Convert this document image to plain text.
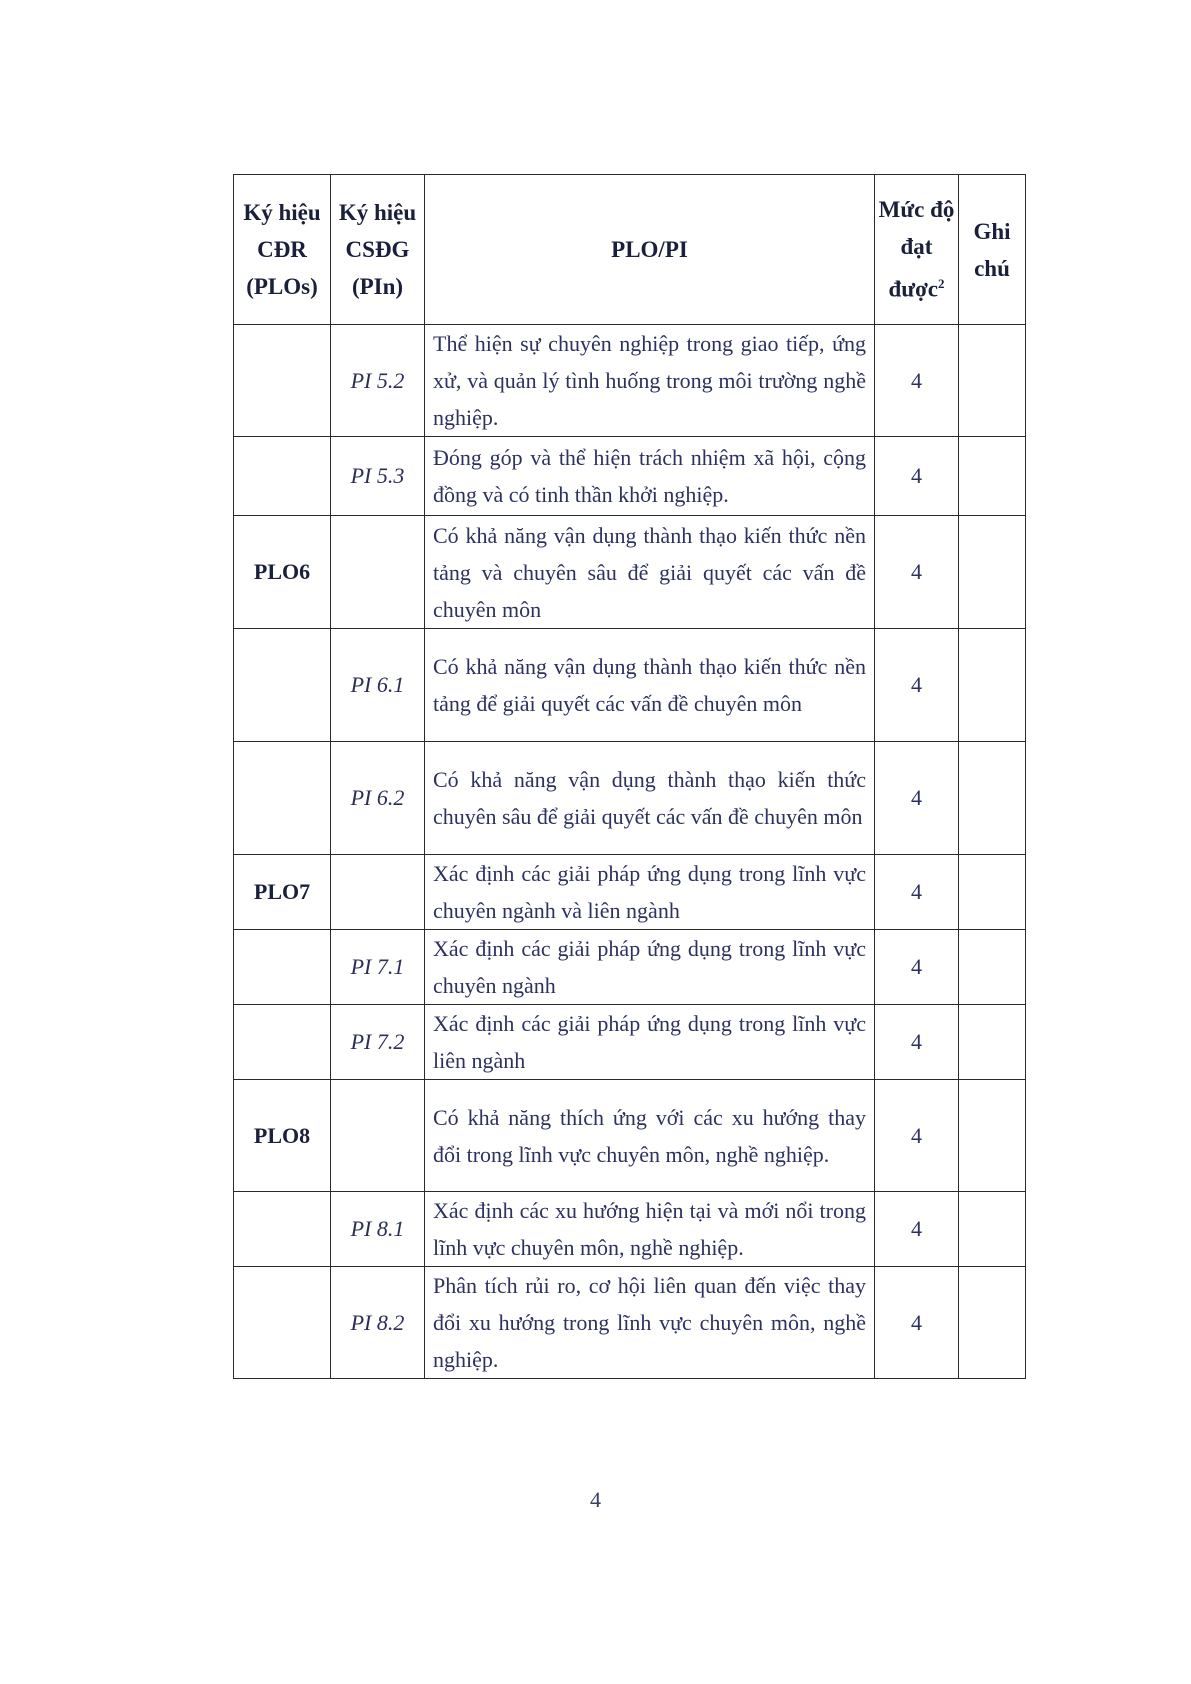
Ký hiệu CĐR (PLOs)	Ký hiệu CSĐG (PIn)	PLO/PI	Mức độ đạt được$^2$	Ghi chú
	PI 5.2	Thể hiện sự chuyên nghiệp trong giao tiếp, ứng xử, và quản lý tình huống trong môi trường nghề nghiệp.	4	
	PI 5.3	Đóng góp và thể hiện trách nhiệm xã hội, cộng đồng và có tinh thần khởi nghiệp.	4	
PLO6		Có khả năng vận dụng thành thạo kiến thức nền tảng và chuyên sâu để giải quyết các vấn đề chuyên môn	4	
	PI 6.1	Có khả năng vận dụng thành thạo kiến thức nền tảng để giải quyết các vấn đề chuyên môn	4	
	PI 6.2	Có khả năng vận dụng thành thạo kiến thức chuyên sâu để giải quyết các vấn đề chuyên môn	4	
PLO7		Xác định các giải pháp ứng dụng trong lĩnh vực chuyên ngành và liên ngành	4	
	PI 7.1	Xác định các giải pháp ứng dụng trong lĩnh vực chuyên ngành	4	
	PI 7.2	Xác định các giải pháp ứng dụng trong lĩnh vực liên ngành	4	
PLO8		Có khả năng thích ứng với các xu hướng thay đổi trong lĩnh vực chuyên môn, nghề nghiệp.	4	
	PI 8.1	Xác định các xu hướng hiện tại và mới nổi trong lĩnh vực chuyên môn, nghề nghiệp.	4	
	PI 8.2	Phân tích rủi ro, cơ hội liên quan đến việc thay đổi xu hướng trong lĩnh vực chuyên môn, nghề nghiệp.	4	
4
